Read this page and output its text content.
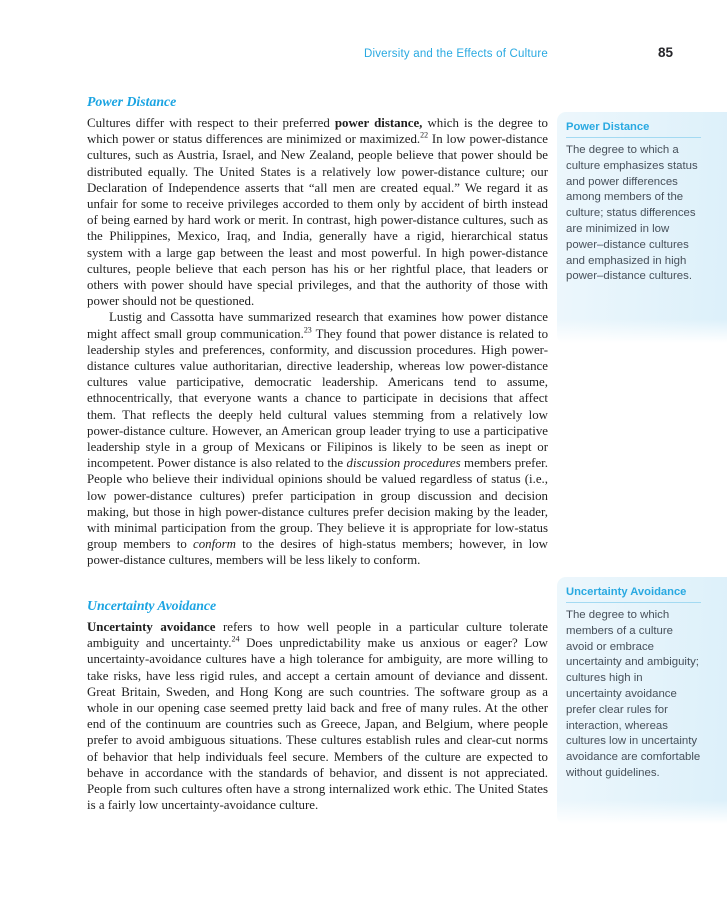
Diversity and the Effects of Culture	85
Power Distance

Cultures differ with respect to their preferred power distance, which is the degree to which power or status differences are minimized or maximized.$^{22}$ In low power-distance cultures, such as Austria, Israel, and New Zealand, people believe that power should be distributed equally. The United States is a relatively low power-distance culture; our Declaration of Independence asserts that “all men are created equal.” We regard it as unfair for some to receive privileges accorded to them only by accident of birth instead of being earned by hard work or merit. In contrast, high power-distance cultures, such as the Philippines, Mexico, Iraq, and India, generally have a rigid, hierarchical status system with a large gap between the least and most powerful. In high power-distance cultures, people believe that each person has his or her rightful place, that leaders or others with power should have special privileges, and that the authority of those with power should not be questioned.

Lustig and Cassotta have summarized research that examines how power distance might affect small group communication.$^{23}$ They found that power distance is related to leadership styles and preferences, conformity, and discussion procedures. High power-distance cultures value authoritarian, directive leadership, whereas low power-distance cultures value participative, democratic leadership. Americans tend to assume, ethnocentrically, that everyone wants a chance to participate in decisions that affect them. That reflects the deeply held cultural values stemming from a relatively low power-distance culture. However, an American group leader trying to use a participative leadership style in a group of Mexicans or Filipinos is likely to be seen as inept or incompetent. Power distance is also related to the discussion procedures members prefer. People who believe their individual opinions should be valued regardless of status (i.e., low power-distance cultures) prefer participation in group discussion and decision making, but those in high power-distance cultures prefer decision making by the leader, with minimal participation from the group. They believe it is appropriate for low-status group members to conform to the desires of high-status members; however, in low power-distance cultures, members will be less likely to conform.

Uncertainty Avoidance

Uncertainty avoidance refers to how well people in a particular culture tolerate ambiguity and uncertainty.$^{24}$ Does unpredictability make us anxious or eager? Low uncertainty-avoidance cultures have a high tolerance for ambiguity, are more willing to take risks, have less rigid rules, and accept a certain amount of deviance and dissent. Great Britain, Sweden, and Hong Kong are such countries. The software group as a whole in our opening case seemed pretty laid back and free of many rules. At the other end of the continuum are countries such as Greece, Japan, and Belgium, where people prefer to avoid ambiguous situations. These cultures establish rules and clear-cut norms of behavior that help individuals feel secure. Members of the culture are expected to behave in accordance with the standards of behavior, and dissent is not appreciated. People from such cultures often have a strong internalized work ethic. The United States is a fairly low uncertainty-avoidance culture.

Power Distance
The degree to which a culture emphasizes status and power differences among members of the culture; status differences are minimized in low power–distance cultures and emphasized in high power–distance cultures.
Uncertainty Avoidance
The degree to which members of a culture avoid or embrace uncertainty and ambiguity; cultures high in uncertainty avoidance prefer clear rules for interaction, whereas cultures low in uncertainty avoidance are comfortable without guidelines.
